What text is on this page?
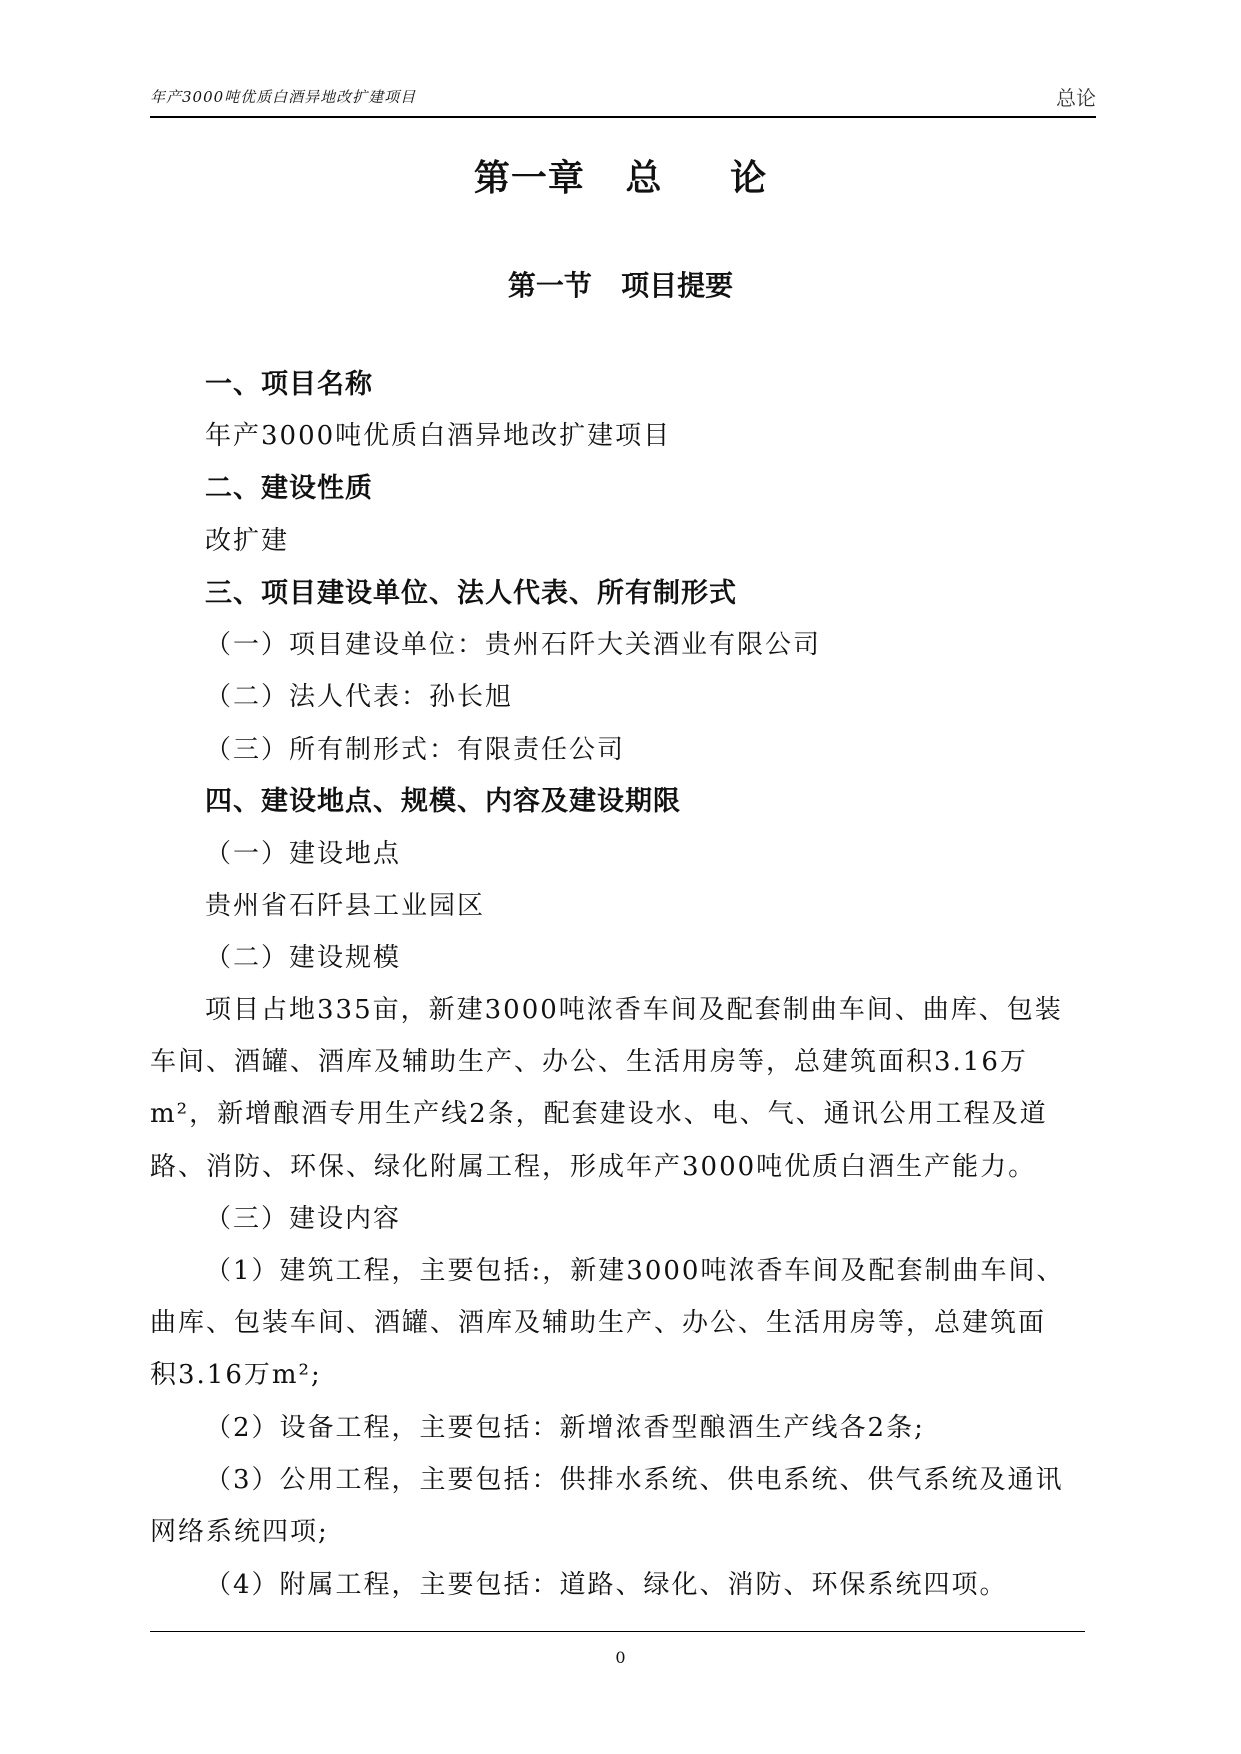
年产3000吨优质白酒异地改扩建项目	总论
第一章   总     论
第一节   项目提要
一、项目名称
年产3000吨优质白酒异地改扩建项目
二、建设性质
改扩建
三、项目建设单位、法人代表、所有制形式
（一）项目建设单位：贵州石阡大关酒业有限公司
（二）法人代表：孙长旭
（三）所有制形式：有限责任公司
四、建设地点、规模、内容及建设期限
（一）建设地点
贵州省石阡县工业园区
（二）建设规模
项目占地335亩，新建3000吨浓香车间及配套制曲车间、曲库、包装
车间、酒罐、酒库及辅助生产、办公、生活用房等，总建筑面积3.16万
m²，新增酿酒专用生产线2条，配套建设水、电、气、通讯公用工程及道
路、消防、环保、绿化附属工程，形成年产3000吨优质白酒生产能力。
（三）建设内容
（1）建筑工程，主要包括:，新建3000吨浓香车间及配套制曲车间、
曲库、包装车间、酒罐、酒库及辅助生产、办公、生活用房等，总建筑面
积3.16万m²;
（2）设备工程，主要包括：新增浓香型酿酒生产线各2条;
（3）公用工程，主要包括：供排水系统、供电系统、供气系统及通讯
网络系统四项;
（4）附属工程，主要包括：道路、绿化、消防、环保系统四项。
0
